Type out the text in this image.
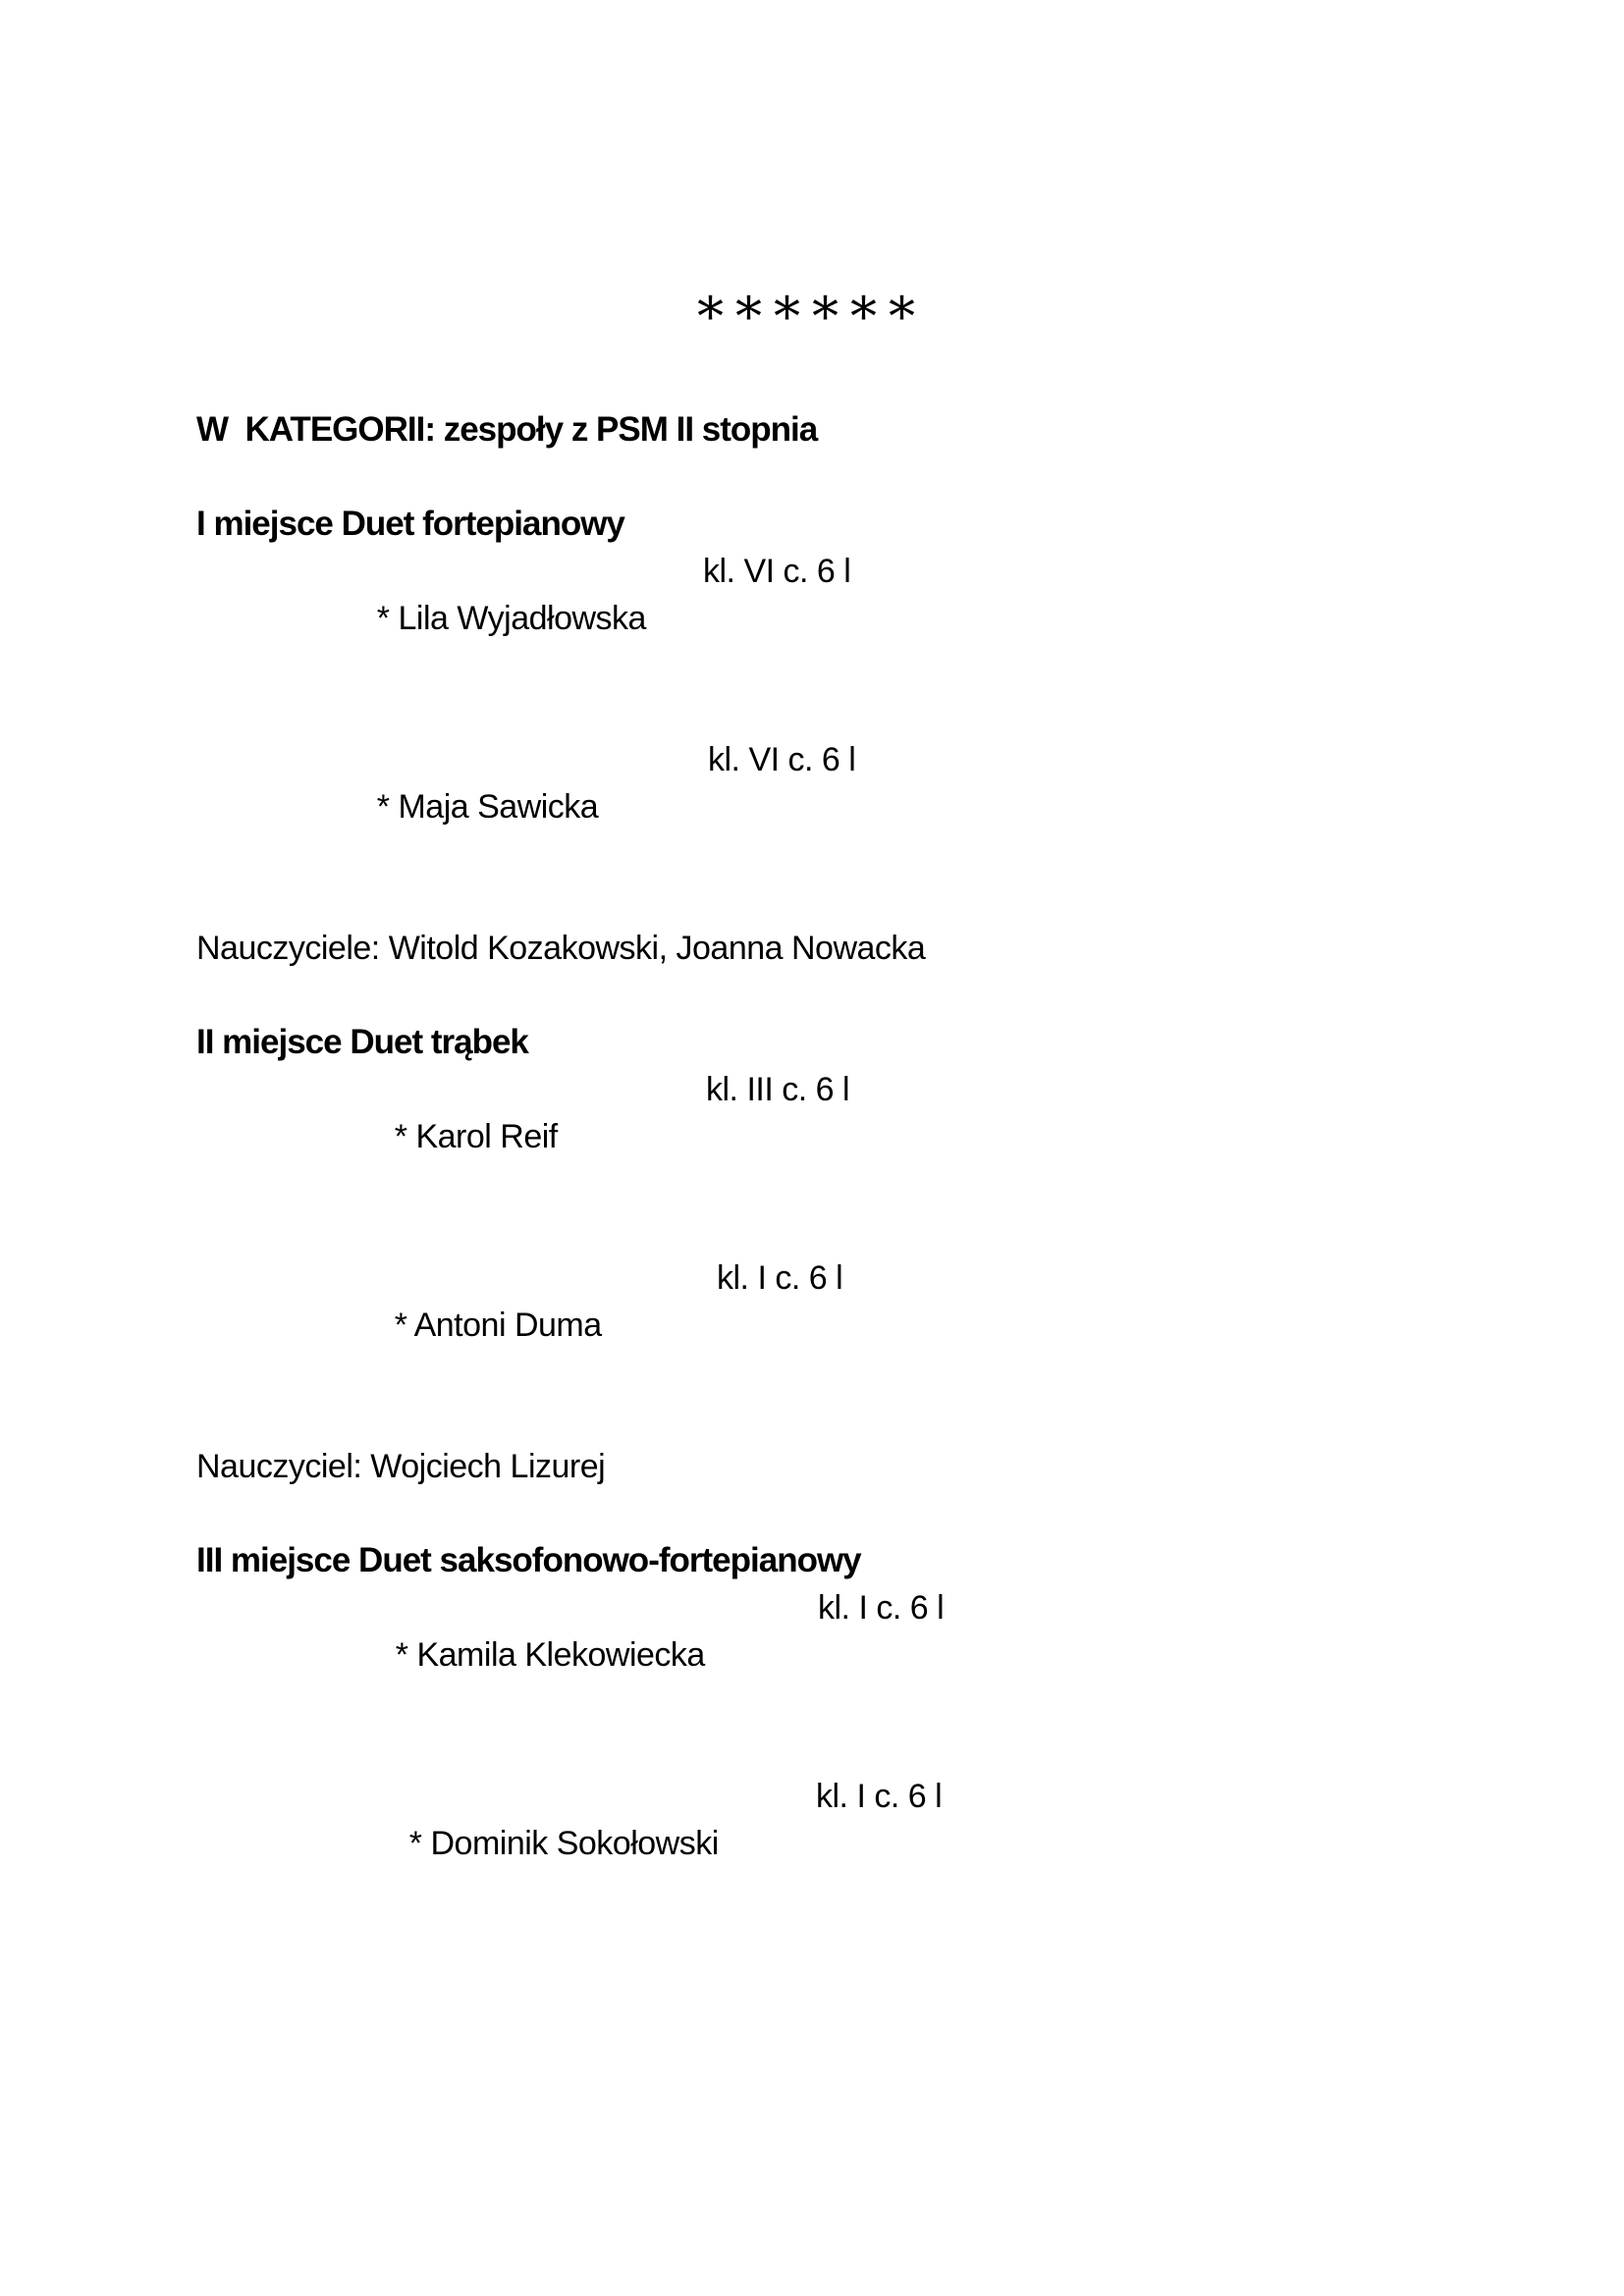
******
W  KATEGORII: zespoły z PSM II stopnia
I miejsce Duet fortepianowy

* Lila Wyjadłowska

kl. VI c. 6 l

* Maja Sawicka

kl. VI c. 6 l

Nauczyciele: Witold Kozakowski, Joanna Nowacka
II miejsce Duet trąbek

* Karol Reif

kl. III c. 6 l

* Antoni Duma

kl. I c. 6 l

Nauczyciel: Wojciech Lizurej
III miejsce Duet saksofonowo-fortepianowy

* Kamila Klekowiecka

kl. I c. 6 l

* Dominik Sokołowski

kl. I c. 6 l
